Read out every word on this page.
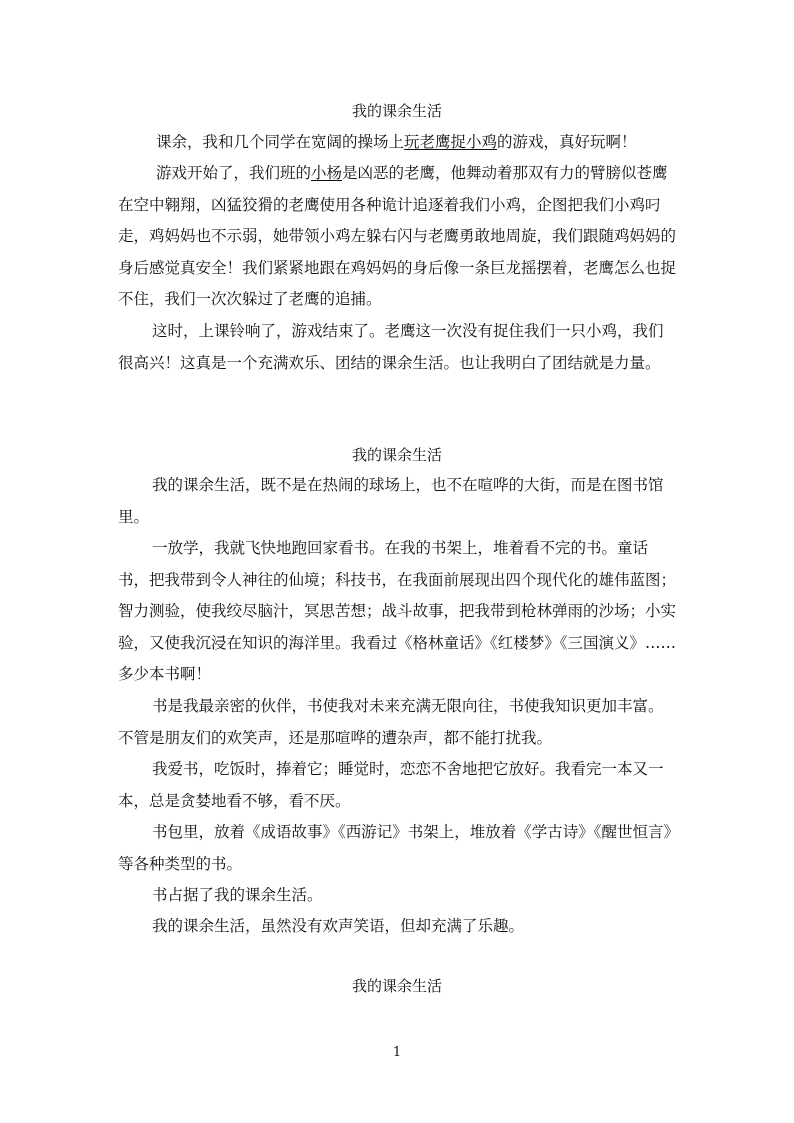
我的课余生活

课余，我和几个同学在宽阔的操场上玩老鹰捉小鸡的游戏，真好玩啊！

游戏开始了，我们班的小杨是凶恶的老鹰，他舞动着那双有力的臂膀似苍鹰在空中翱翔，凶猛狡猾的老鹰使用各种诡计追逐着我们小鸡，企图把我们小鸡叼走，鸡妈妈也不示弱，她带领小鸡左躲右闪与老鹰勇敢地周旋，我们跟随鸡妈妈的身后感觉真安全！我们紧紧地跟在鸡妈妈的身后像一条巨龙摇摆着，老鹰怎么也捉不住，我们一次次躲过了老鹰的追捕。

这时，上课铃响了，游戏结束了。老鹰这一次没有捉住我们一只小鸡，我们很高兴！这真是一个充满欢乐、团结的课余生活。也让我明白了团结就是力量。

我的课余生活

我的课余生活，既不是在热闹的球场上，也不在喧哗的大街，而是在图书馆里。

一放学，我就飞快地跑回家看书。在我的书架上，堆着看不完的书。童话书，把我带到令人神往的仙境；科技书，在我面前展现出四个现代化的雄伟蓝图；智力测验，使我绞尽脑汁，冥思苦想；战斗故事，把我带到枪林弹雨的沙场；小实验，又使我沉浸在知识的海洋里。我看过《格林童话》《红楼梦》《三国演义》……多少本书啊！

书是我最亲密的伙伴，书使我对未来充满无限向往，书使我知识更加丰富。不管是朋友们的欢笑声，还是那喧哗的遭杂声，都不能打扰我。

我爱书，吃饭时，捧着它；睡觉时，恋恋不舍地把它放好。我看完一本又一本，总是贪婪地看不够，看不厌。

书包里，放着《成语故事》《西游记》书架上，堆放着《学古诗》《醒世恒言》等各种类型的书。

书占据了我的课余生活。

我的课余生活，虽然没有欢声笑语，但却充满了乐趣。

我的课余生活
1
